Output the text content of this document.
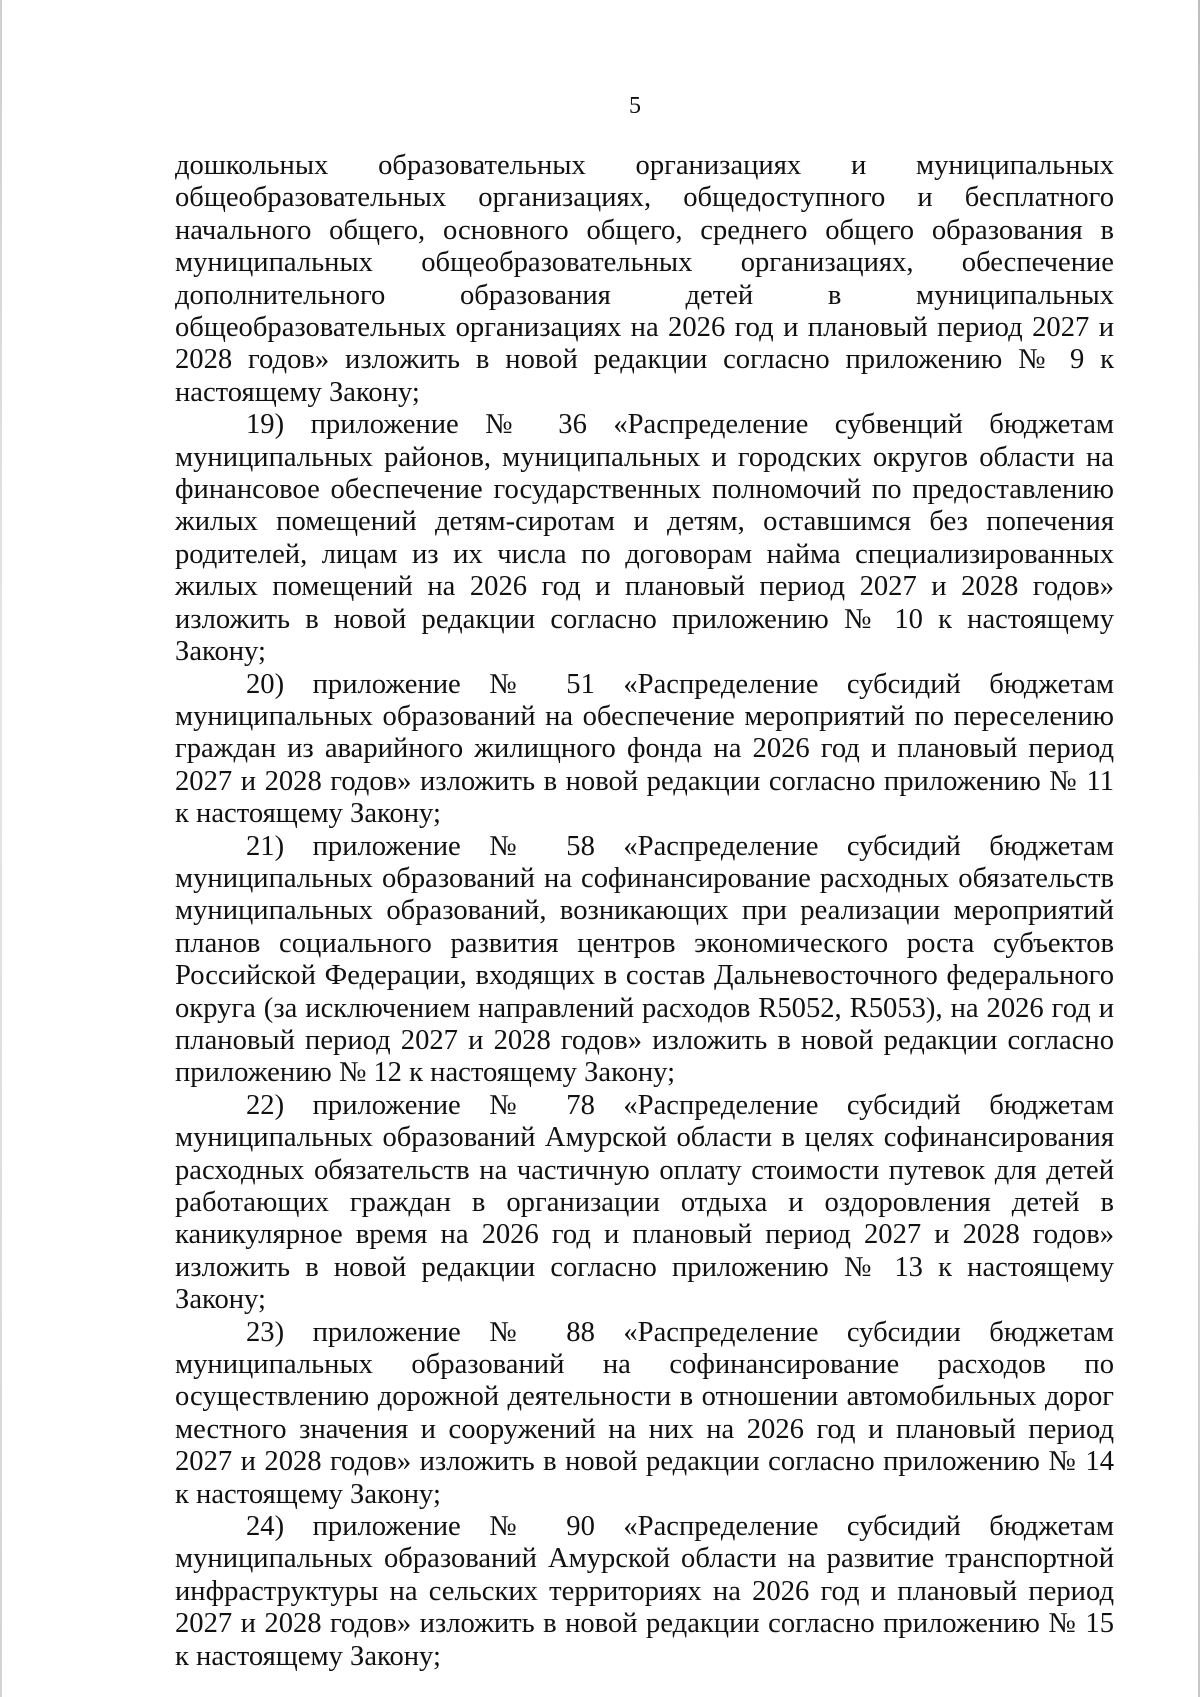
5

дошкольных образовательных организациях и муниципальных общеобразовательных организациях, общедоступного и бесплатного начального общего, основного общего, среднего общего образования в муниципальных общеобразовательных организациях, обеспечение дополнительного образования детей в муниципальных общеобразовательных организациях на 2026 год и плановый период 2027 и 2028 годов» изложить в новой редакции согласно приложению № 9 к настоящему Закону;

19) приложение № 36 «Распределение субвенций бюджетам муниципальных районов, муниципальных и городских округов области на финансовое обеспечение государственных полномочий по предоставлению жилых помещений детям-сиротам и детям, оставшимся без попечения родителей, лицам из их числа по договорам найма специализированных жилых помещений на 2026 год и плановый период 2027 и 2028 годов» изложить в новой редакции согласно приложению № 10 к настоящему Закону;

20) приложение № 51 «Распределение субсидий бюджетам муниципальных образований на обеспечение мероприятий по переселению граждан из аварийного жилищного фонда на 2026 год и плановый период 2027 и 2028 годов» изложить в новой редакции согласно приложению № 11 к настоящему Закону;

21) приложение № 58 «Распределение субсидий бюджетам муниципальных образований на софинансирование расходных обязательств муниципальных образований, возникающих при реализации мероприятий планов социального развития центров экономического роста субъектов Российской Федерации, входящих в состав Дальневосточного федерального округа (за исключением направлений расходов R5052, R5053), на 2026 год и плановый период 2027 и 2028 годов» изложить в новой редакции согласно приложению № 12 к настоящему Закону;

22) приложение № 78 «Распределение субсидий бюджетам муниципальных образований Амурской области в целях софинансирования расходных обязательств на частичную оплату стоимости путевок для детей работающих граждан в организации отдыха и оздоровления детей в каникулярное время на 2026 год и плановый период 2027 и 2028 годов» изложить в новой редакции согласно приложению № 13 к настоящему Закону;

23) приложение № 88 «Распределение субсидии бюджетам муниципальных образований на софинансирование расходов по осуществлению дорожной деятельности в отношении автомобильных дорог местного значения и сооружений на них на 2026 год и плановый период 2027 и 2028 годов» изложить в новой редакции согласно приложению № 14 к настоящему Закону;

24) приложение № 90 «Распределение субсидий бюджетам муниципальных образований Амурской области на развитие транспортной инфраструктуры на сельских территориях на 2026 год и плановый период 2027 и 2028 годов» изложить в новой редакции согласно приложению № 15 к настоящему Закону;
